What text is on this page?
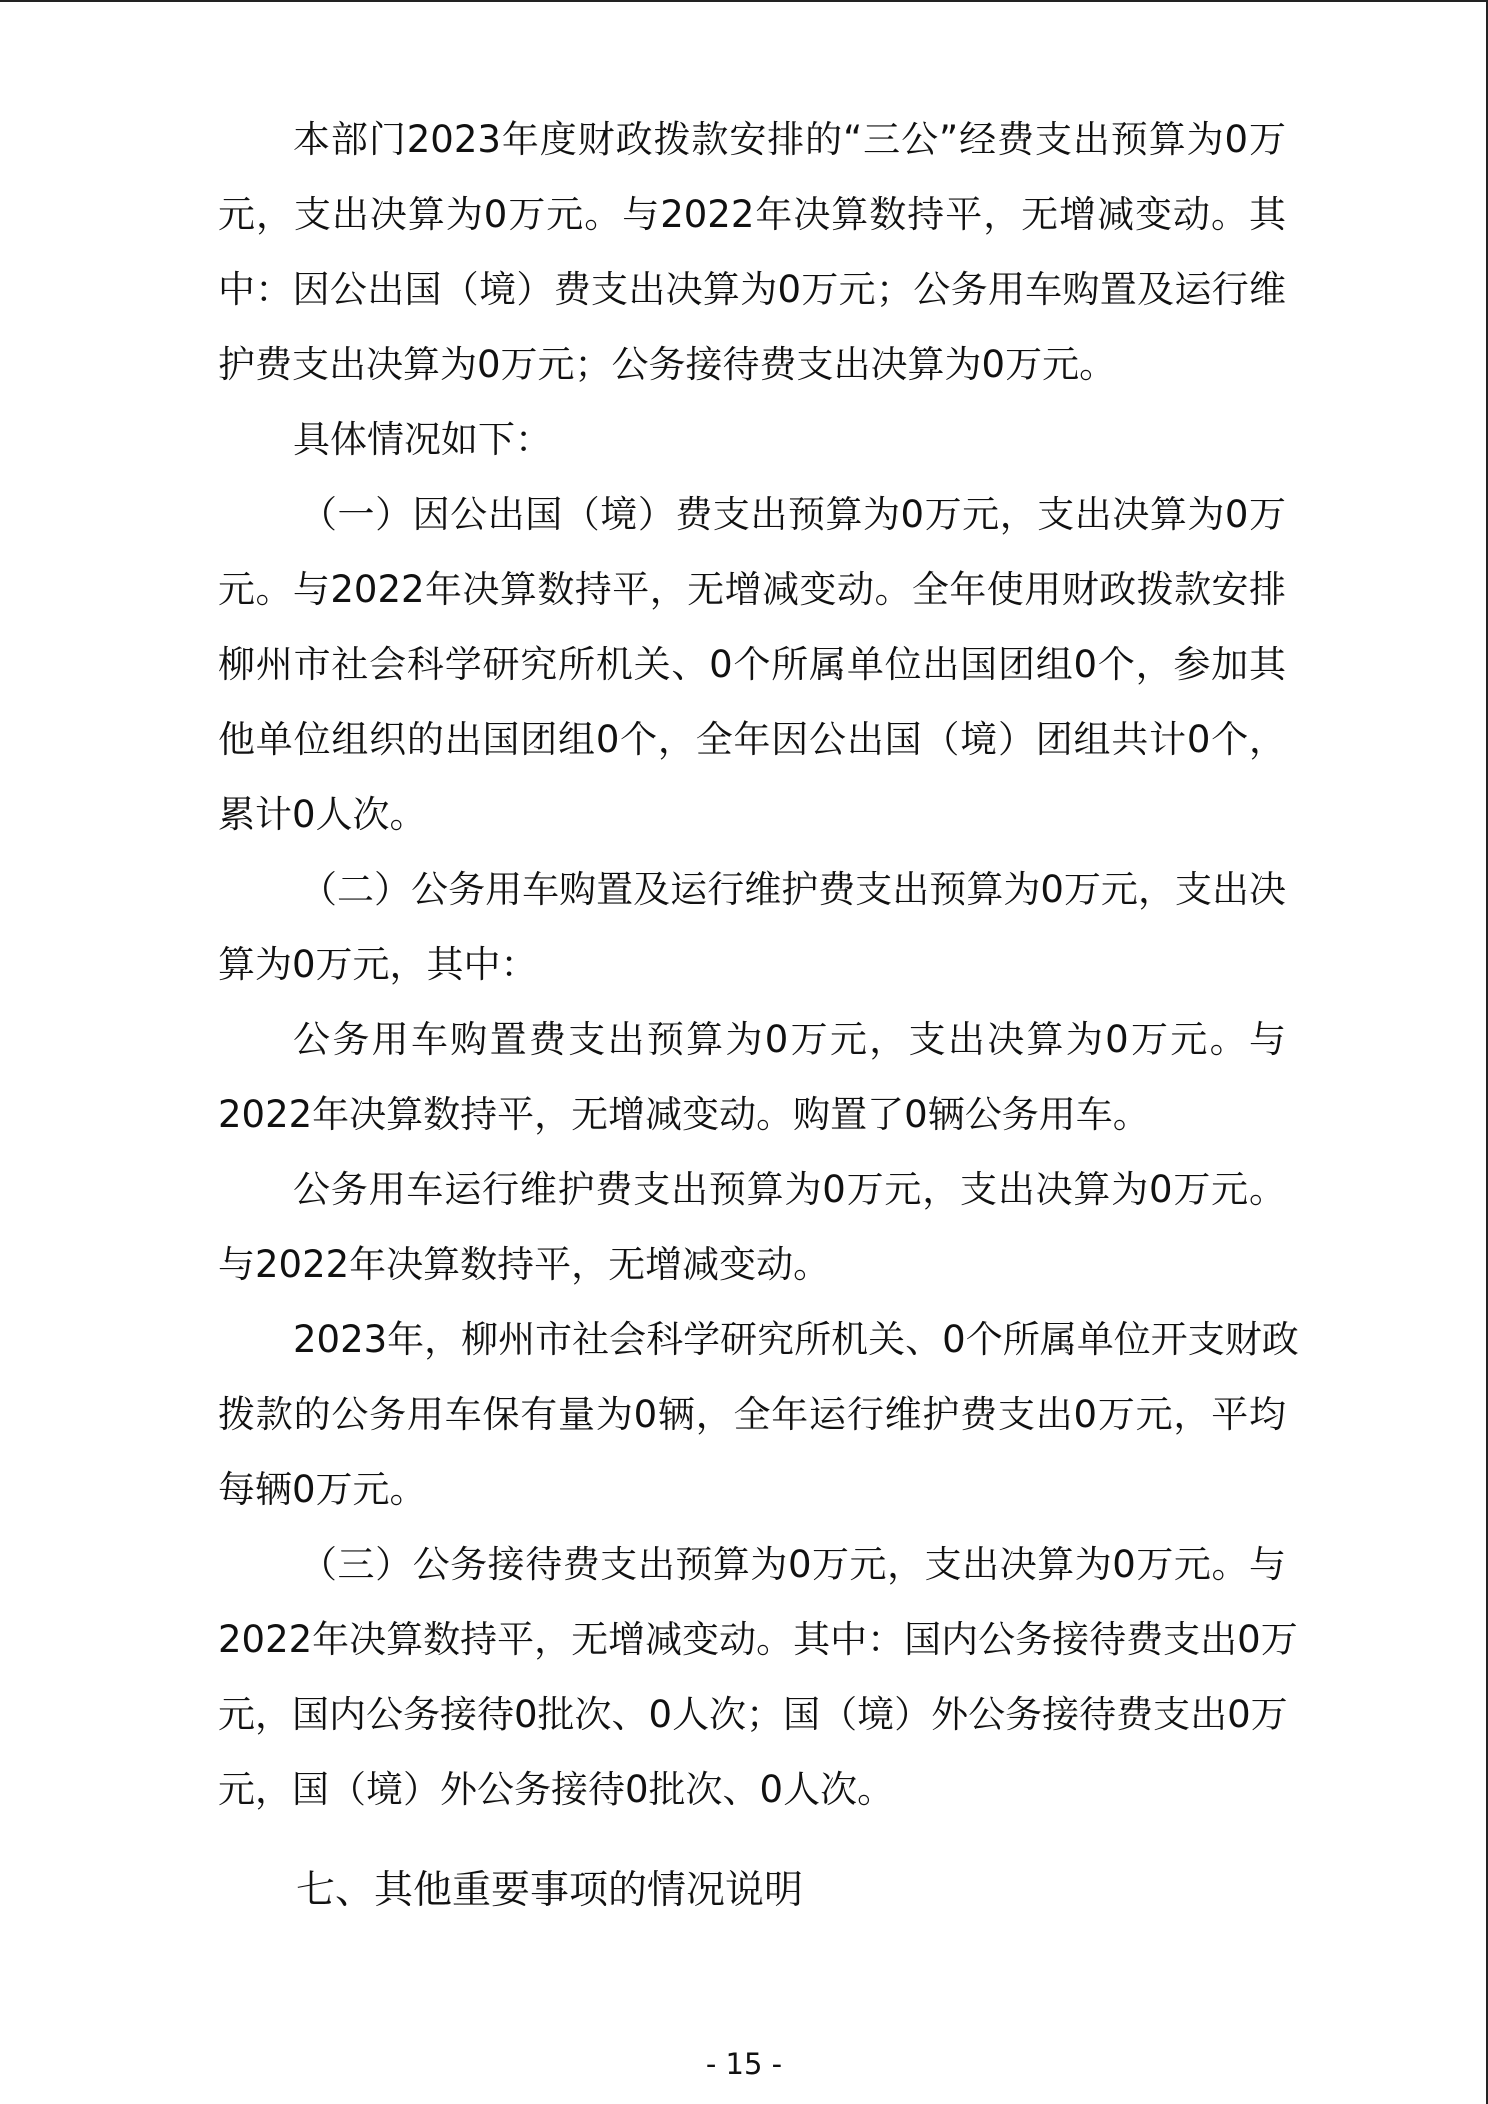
本部门2023年度财政拨款安排的“三公”经费支出预算为0万
元，支出决算为0万元。与2022年决算数持平，无增减变动。其
中：因公出国（境）费支出决算为0万元；公务用车购置及运行维
护费支出决算为0万元；公务接待费支出决算为0万元。
具体情况如下：
（一）因公出国（境）费支出预算为0万元，支出决算为0万
元。与2022年决算数持平，无增减变动。全年使用财政拨款安排
柳州市社会科学研究所机关、0个所属单位出国团组0个，参加其
他单位组织的出国团组0个，全年因公出国（境）团组共计0个，
累计0人次。
（二）公务用车购置及运行维护费支出预算为0万元，支出决
算为0万元，其中：
公务用车购置费支出预算为0万元，支出决算为0万元。与
2022年决算数持平，无增减变动。购置了0辆公务用车。
公务用车运行维护费支出预算为0万元，支出决算为0万元。
与2022年决算数持平，无增减变动。
2023年，柳州市社会科学研究所机关、0个所属单位开支财政
拨款的公务用车保有量为0辆，全年运行维护费支出0万元，平均
每辆0万元。
（三）公务接待费支出预算为0万元，支出决算为0万元。与
2022年决算数持平，无增减变动。其中：国内公务接待费支出0万
元，国内公务接待0批次、0人次；国（境）外公务接待费支出0万
元，国（境）外公务接待0批次、0人次。
七、其他重要事项的情况说明
- 15 -
